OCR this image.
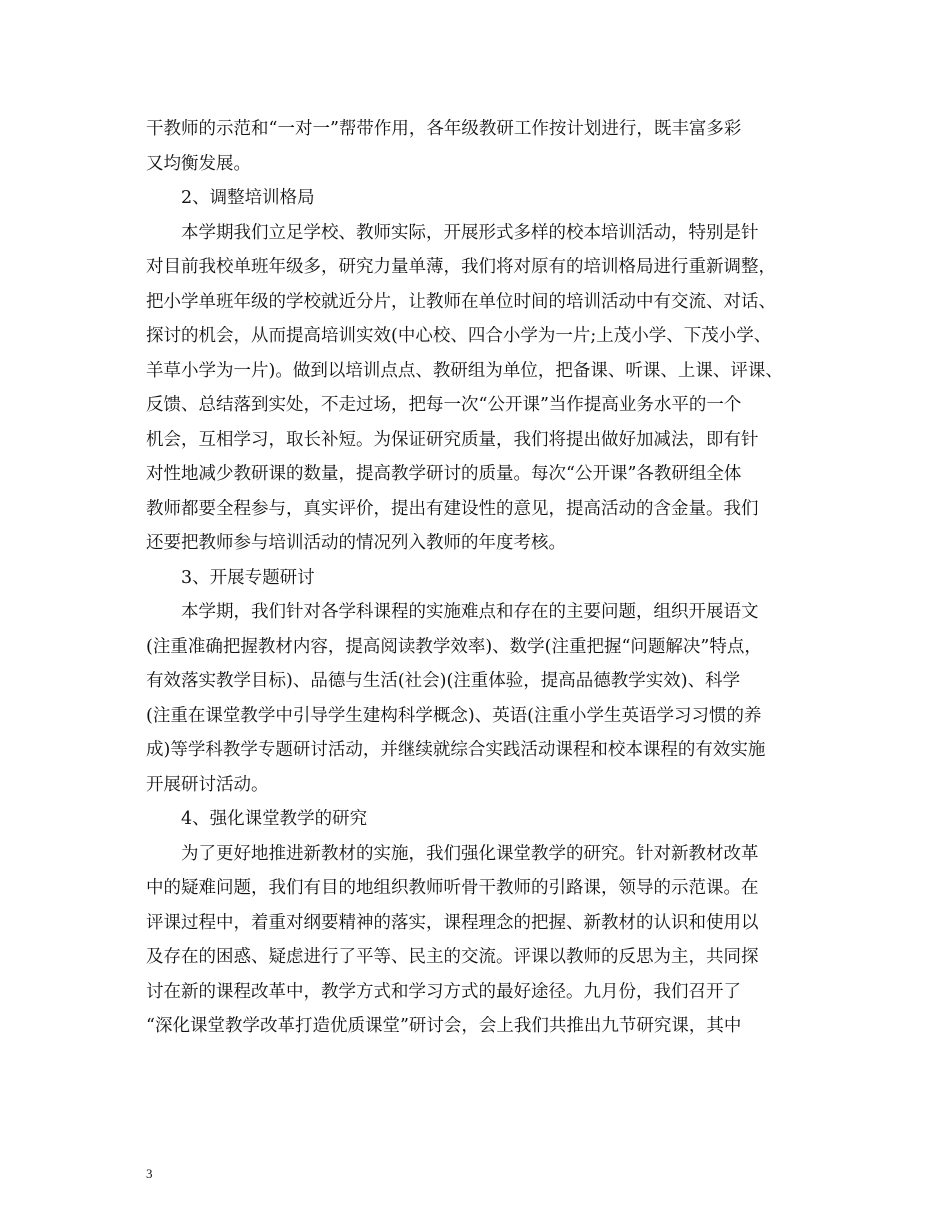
干教师的示范和“一对一”帮带作用，各年级教研工作按计划进行，既丰富多彩
又均衡发展。
2、调整培训格局
本学期我们立足学校、教师实际，开展形式多样的校本培训活动，特别是针
对目前我校单班年级多，研究力量单薄，我们将对原有的培训格局进行重新调整，
把小学单班年级的学校就近分片，让教师在单位时间的培训活动中有交流、对话、
探讨的机会，从而提高培训实效(中心校、四合小学为一片;上茂小学、下茂小学、
羊草小学为一片)。做到以培训点点、教研组为单位，把备课、听课、上课、评课、
反馈、总结落到实处，不走过场，把每一次“公开课”当作提高业务水平的一个
机会，互相学习，取长补短。为保证研究质量，我们将提出做好加减法，即有针
对性地减少教研课的数量，提高教学研讨的质量。每次“公开课”各教研组全体
教师都要全程参与，真实评价，提出有建设性的意见，提高活动的含金量。我们
还要把教师参与培训活动的情况列入教师的年度考核。
3、开展专题研讨
本学期，我们针对各学科课程的实施难点和存在的主要问题，组织开展语文
(注重准确把握教材内容，提高阅读教学效率)、数学(注重把握“问题解决”特点，
有效落实教学目标)、品德与生活(社会)(注重体验，提高品德教学实效)、科学
(注重在课堂教学中引导学生建构科学概念)、英语(注重小学生英语学习习惯的养
成)等学科教学专题研讨活动，并继续就综合实践活动课程和校本课程的有效实施
开展研讨活动。
4、强化课堂教学的研究
为了更好地推进新教材的实施，我们强化课堂教学的研究。针对新教材改革
中的疑难问题，我们有目的地组织教师听骨干教师的引路课，领导的示范课。在
评课过程中，着重对纲要精神的落实，课程理念的把握、新教材的认识和使用以
及存在的困惑、疑虑进行了平等、民主的交流。评课以教师的反思为主，共同探
讨在新的课程改革中，教学方式和学习方式的最好途径。九月份，我们召开了
“深化课堂教学改革打造优质课堂”研讨会，会上我们共推出九节研究课，其中
3
